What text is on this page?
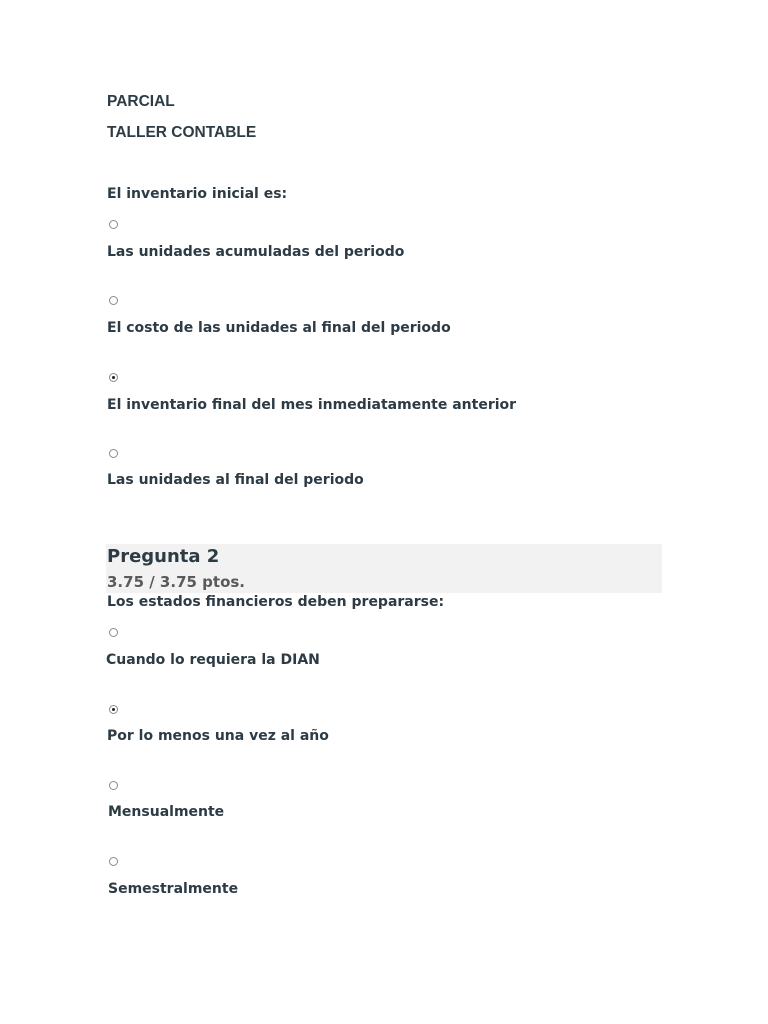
PARCIAL

TALLER CONTABLE

El inventario inicial es:

Las unidades acumuladas del periodo

El costo de las unidades al final del periodo

El inventario final del mes inmediatamente anterior

Las unidades al final del periodo

Pregunta 2

3.75 / 3.75 ptos.

Los estados financieros deben prepararse:

Cuando lo requiera la DIAN

Por lo menos una vez al año

Mensualmente

Semestralmente
